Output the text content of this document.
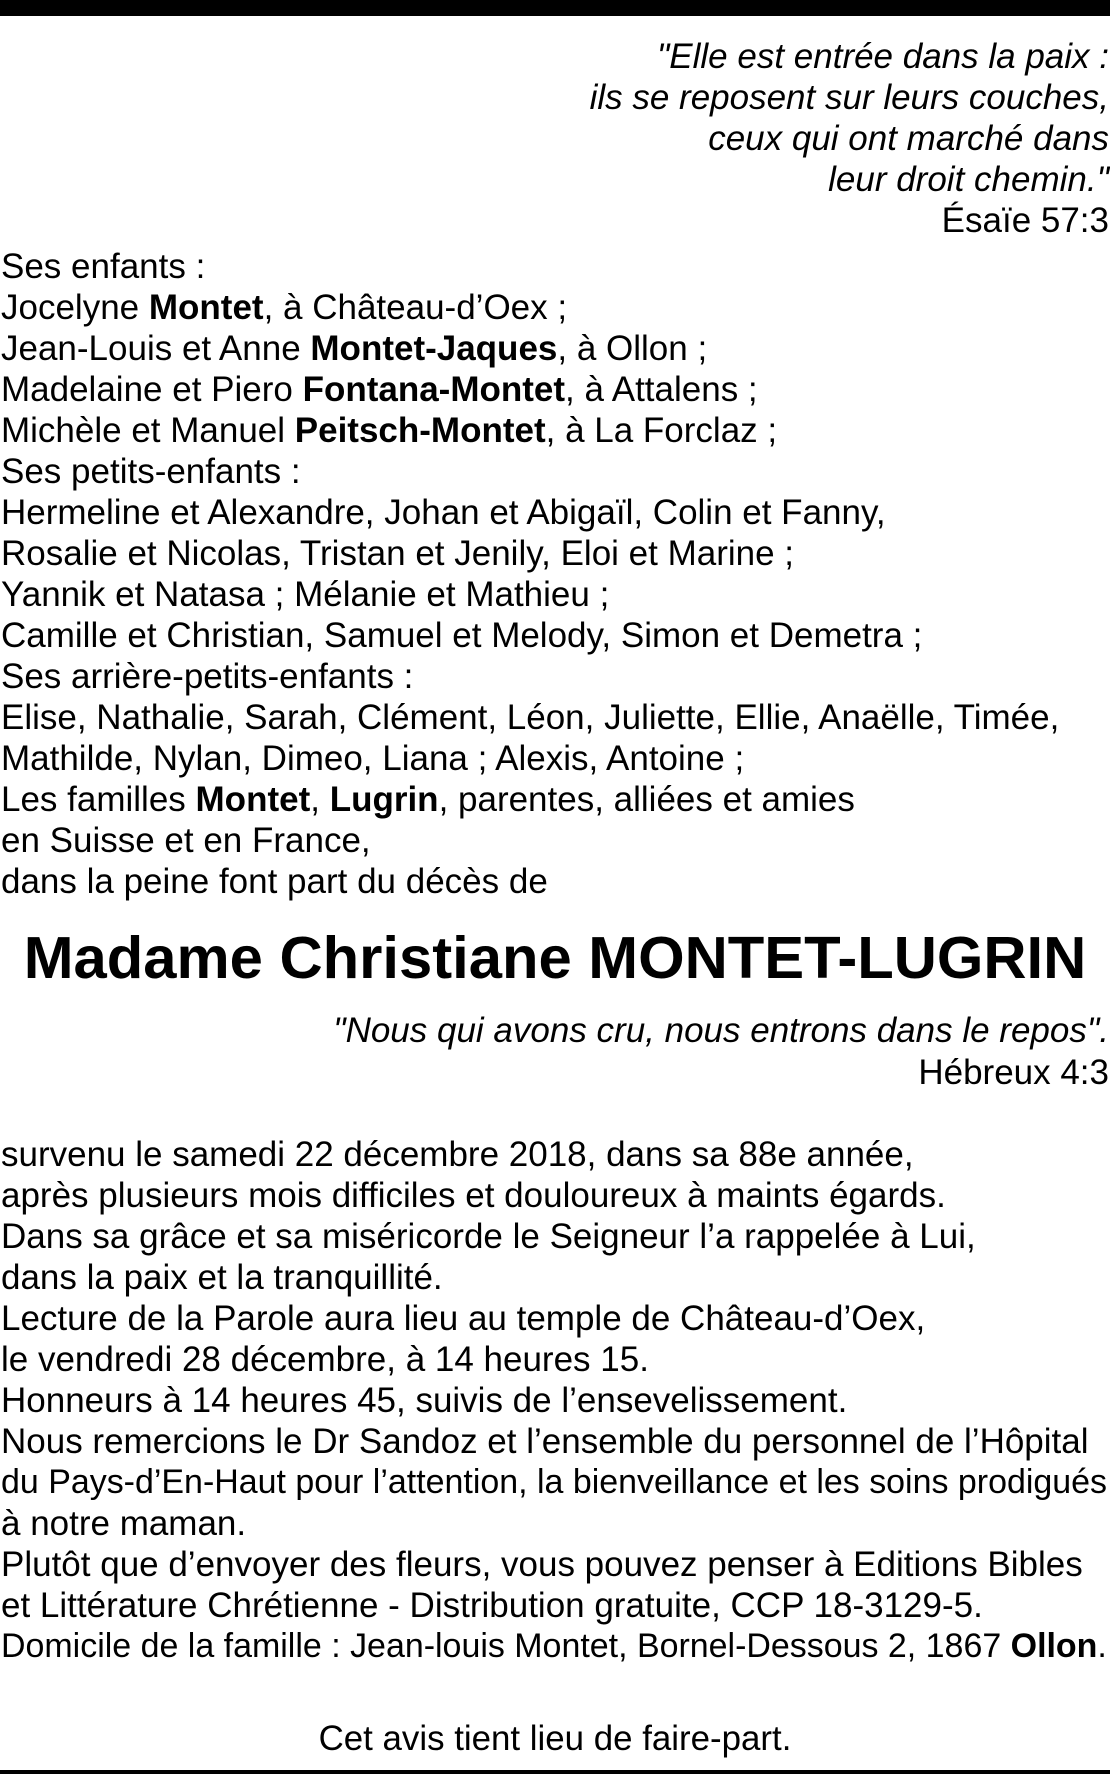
"Elle est entrée dans la paix :
ils se reposent sur leurs couches,
ceux qui ont marché dans
leur droit chemin."
Ésaïe 57:3
Ses enfants :
Jocelyne Montet, à Château-d’Oex ;
Jean-Louis et Anne Montet-Jaques, à Ollon ;
Madelaine et Piero Fontana-Montet, à Attalens ;
Michèle et Manuel Peitsch-Montet, à La Forclaz ;
Ses petits-enfants :
Hermeline et Alexandre, Johan et Abigaïl, Colin et Fanny,
Rosalie et Nicolas, Tristan et Jenily, Eloi et Marine ;
Yannik et Natasa ; Mélanie et Mathieu ;
Camille et Christian, Samuel et Melody, Simon et Demetra ;
Ses arrière-petits-enfants :
Elise, Nathalie, Sarah, Clément, Léon, Juliette, Ellie, Anaëlle, Timée,
Mathilde, Nylan, Dimeo, Liana ; Alexis, Antoine ;
Les familles Montet, Lugrin, parentes, alliées et amies
en Suisse et en France,
dans la peine font part du décès de
Madame Christiane MONTET-LUGRIN
"Nous qui avons cru, nous entrons dans le repos".
Hébreux 4:3
survenu le samedi 22 décembre 2018, dans sa 88e année,
après plusieurs mois difficiles et douloureux à maints égards.
Dans sa grâce et sa miséricorde le Seigneur l’a rappelée à Lui,
dans la paix et la tranquillité.
Lecture de la Parole aura lieu au temple de Château-d’Oex,
le vendredi 28 décembre, à 14 heures 15.
Honneurs à 14 heures 45, suivis de l’ensevelissement.
Nous remercions le Dr Sandoz et l’ensemble du personnel de l’Hôpital
du Pays-d’En-Haut pour l’attention, la bienveillance et les soins prodigués
à notre maman.
Plutôt que d’envoyer des fleurs, vous pouvez penser à Editions Bibles
et Littérature Chrétienne - Distribution gratuite, CCP 18-3129-5.
Domicile de la famille : Jean-louis Montet, Bornel-Dessous 2, 1867 Ollon.
Cet avis tient lieu de faire-part.
